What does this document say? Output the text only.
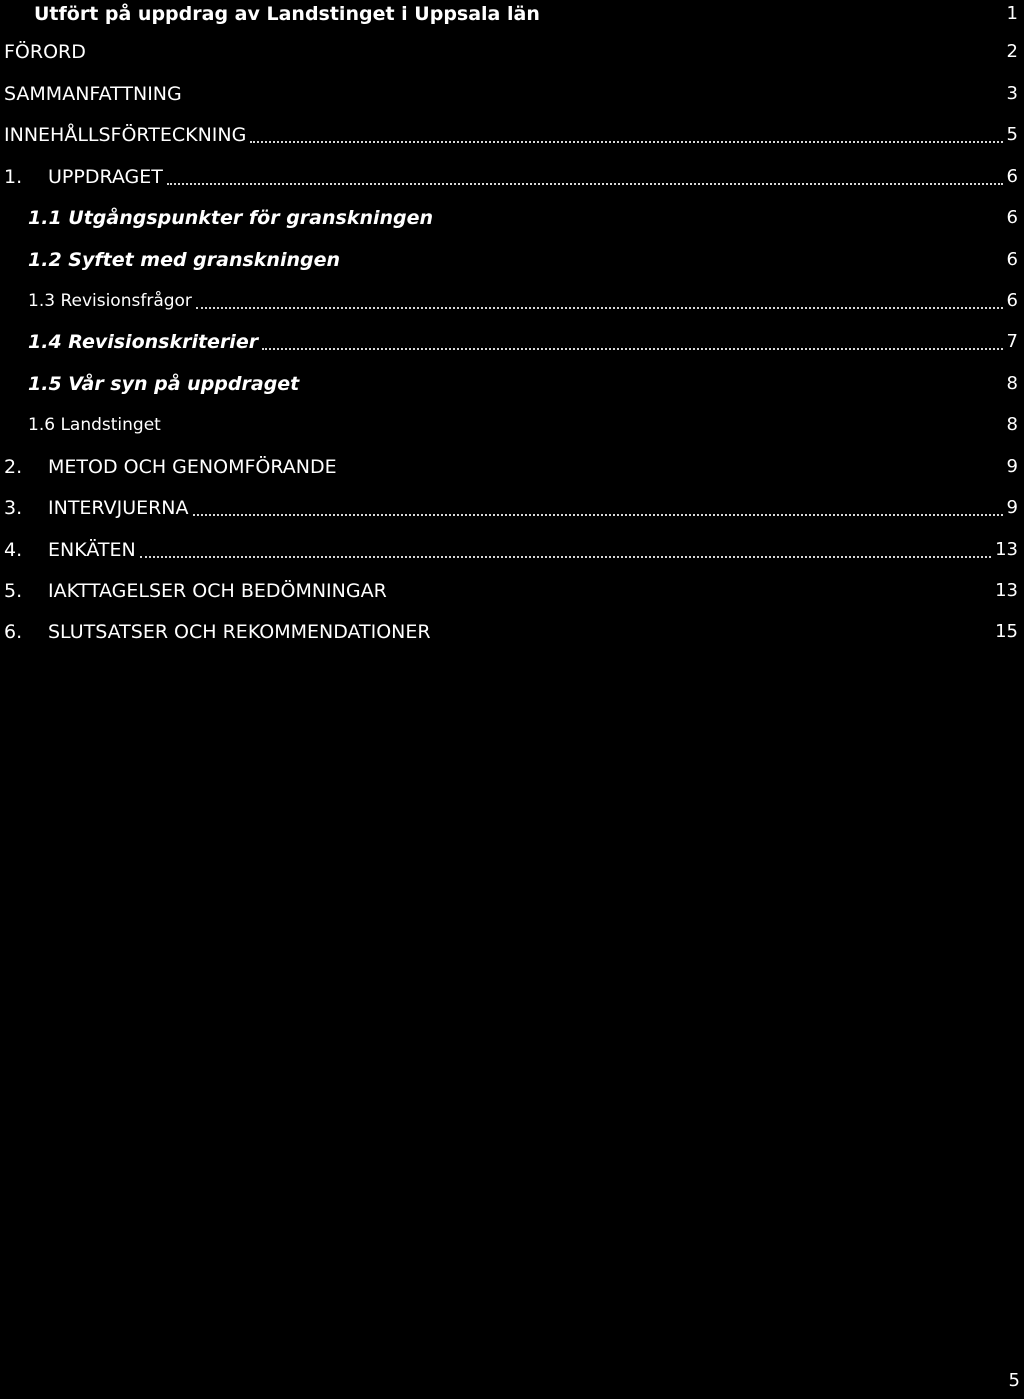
Utfört på uppdrag av Landstinget i Uppsala län	1
FÖRORD	2
SAMMANFATTNING	3
INNEHÅLLSFÖRTECKNING	5
1.	UPPDRAGET	6
1.1 Utgångspunkter för granskningen	6
1.2 Syftet med granskningen	6
1.3 Revisionsfrågor	6
1.4 Revisionskriterier	7
1.5 Vår syn på uppdraget	8
1.6 Landstinget	8
2.	METOD OCH GENOMFÖRANDE	9
3.	INTERVJUERNA	9
4.	ENKÄTEN	13
5.	IAKTTAGELSER OCH BEDÖMNINGAR	13
6.	SLUTSATSER OCH REKOMMENDATIONER	15
5
